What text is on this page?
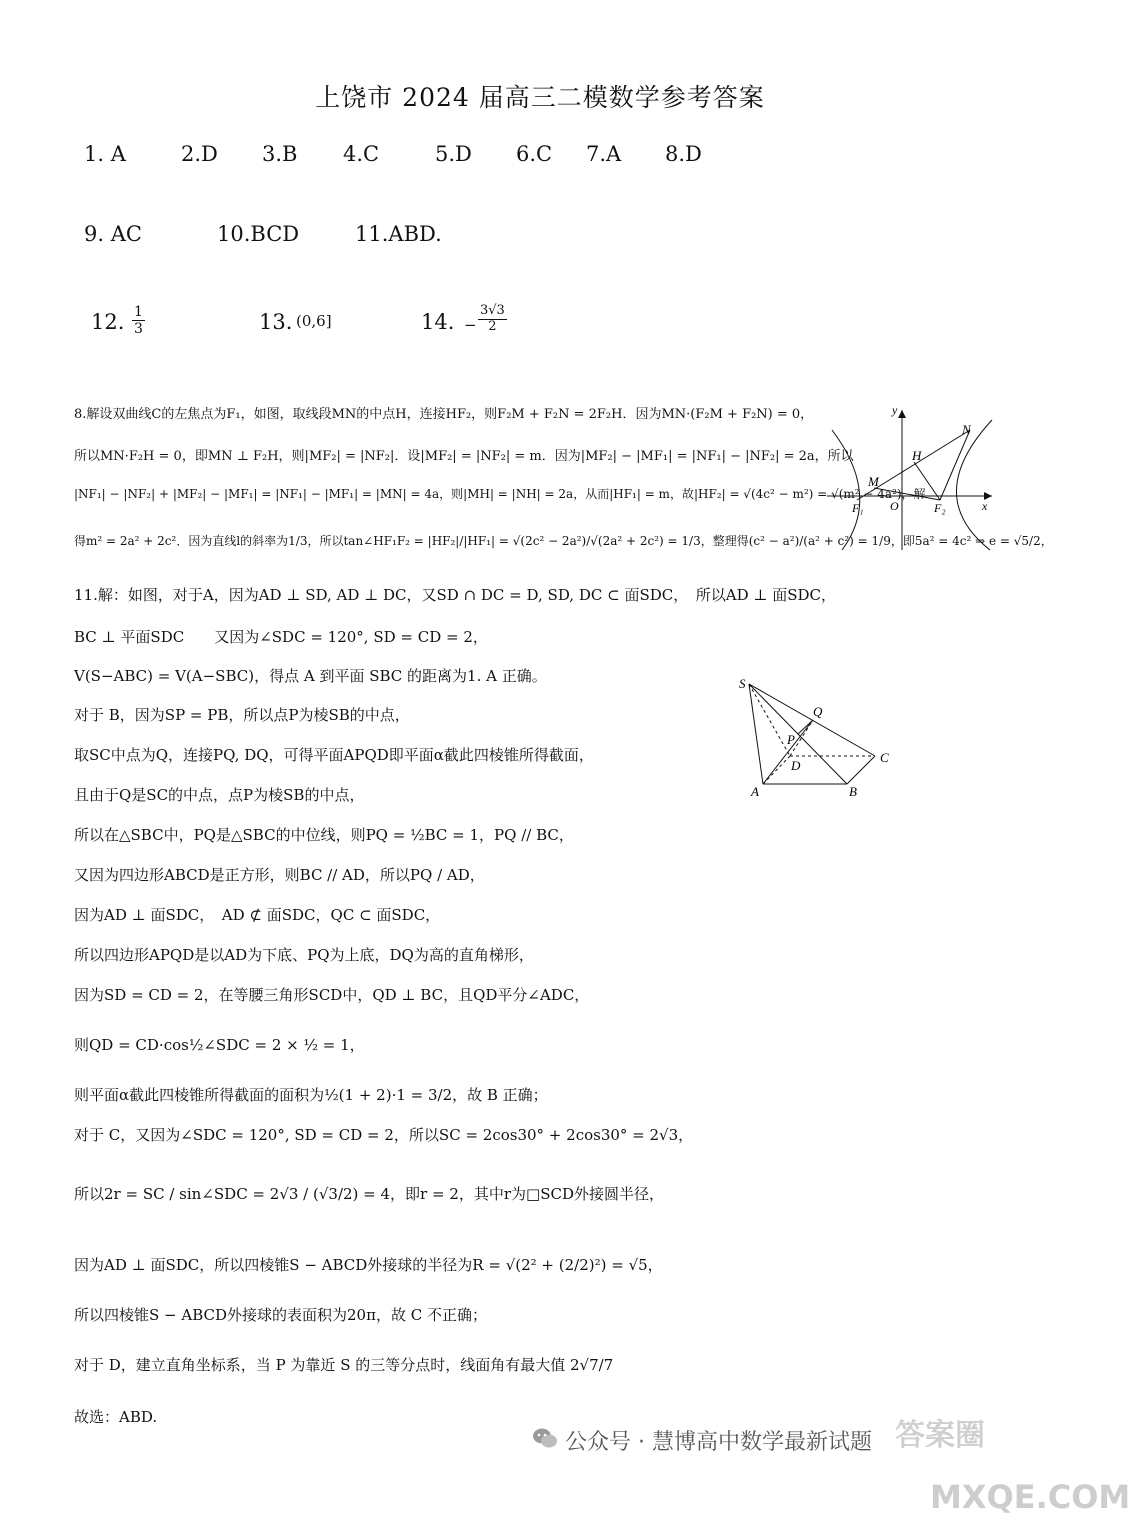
上饶市 2024 届高三二模数学参考答案
1. A	2.D 3.B 4.C	5.D 6.C 7.A 8.D
9. AC	10.BCD	11.ABD.
12. $\frac{1}{3}$	13. (0,6]	14. − $\frac{3√3}{2}$
8.解设双曲线C的左焦点为F₁，如图，取线段MN的中点H，连接HF₂，则F₂M + F₂N = 2F₂H．因为MN·(F₂M + F₂N) = 0，
所以MN·F₂H = 0，即MN ⊥ F₂H，则|MF₂| = |NF₂|．设|MF₂| = |NF₂| = m．因为|MF₂| − |MF₁| = |NF₁| − |NF₂| = 2a，所以
|NF₁| − |NF₂| + |MF₂| − |MF₁| = |NF₁| − |MF₁| = |MN| = 4a，则|MH| = |NH| = 2a，从而|HF₁| = m，故|HF₂| = √(4c² − m²) = √(m² − 4a²)，解
得m² = 2a² + 2c²．因为直线l的斜率为1/3，所以tan∠HF₁F₂ = |HF₂|/|HF₁| = √(2c² − 2a²)/√(2a² + 2c²) = 1/3，整理得(c² − a²)/(a² + c²) = 1/9，即5a² = 4c² ⇒ e = √5/2，
y
x
N
H
M
F₁ O	F₂
11.解：如图，对于A，因为AD ⊥ SD, AD ⊥ DC，又SD ∩ DC = D, SD, DC ⊂ 面SDC，　所以AD ⊥ 面SDC，
BC ⊥ 平面SDC　　又因为∠SDC = 120°, SD = CD = 2，
V(S−ABC) = V(A−SBC)，得点 A 到平面 SBC 的距离为1. A 正确。
对于 B，因为SP = PB，所以点P为棱SB的中点，
取SC中点为Q，连接PQ, DQ，可得平面APQD即平面α截此四棱锥所得截面，
且由于Q是SC的中点，点P为棱SB的中点，
所以在△SBC中，PQ是△SBC的中位线，则PQ = ½BC = 1，PQ // BC，
又因为四边形ABCD是正方形，则BC // AD，所以PQ / AD，
因为AD ⊥ 面SDC，　AD ⊄ 面SDC，QC ⊂ 面SDC，
所以四边形APQD是以AD为下底、PQ为上底，DQ为高的直角梯形，
因为SD = CD = 2，在等腰三角形SCD中，QD ⊥ BC，且QD平分∠ADC，
则QD = CD·cos½∠SDC = 2 × ½ = 1，
则平面α截此四棱锥所得截面的面积为½(1 + 2)·1 = 3/2，故 B 正确；
对于 C，又因为∠SDC = 120°, SD = CD = 2，所以SC = 2cos30° + 2cos30° = 2√3，
所以2r = SC / sin∠SDC = 2√3 / (√3/2) = 4，即r = 2，其中r为□SCD外接圆半径，
因为AD ⊥ 面SDC，所以四棱锥S − ABCD外接球的半径为R = √(2² + (2/2)²) = √5，
所以四棱锥S − ABCD外接球的表面积为20π，故 C 不正确；
对于 D，建立直角坐标系，当 P 为靠近 S 的三等分点时，线面角有最大值 2√7/7
故选：ABD.
S
Q
P
D
C
A	B
公众号 · 慧博高中数学最新试题 答案圈
MXQE.COM
